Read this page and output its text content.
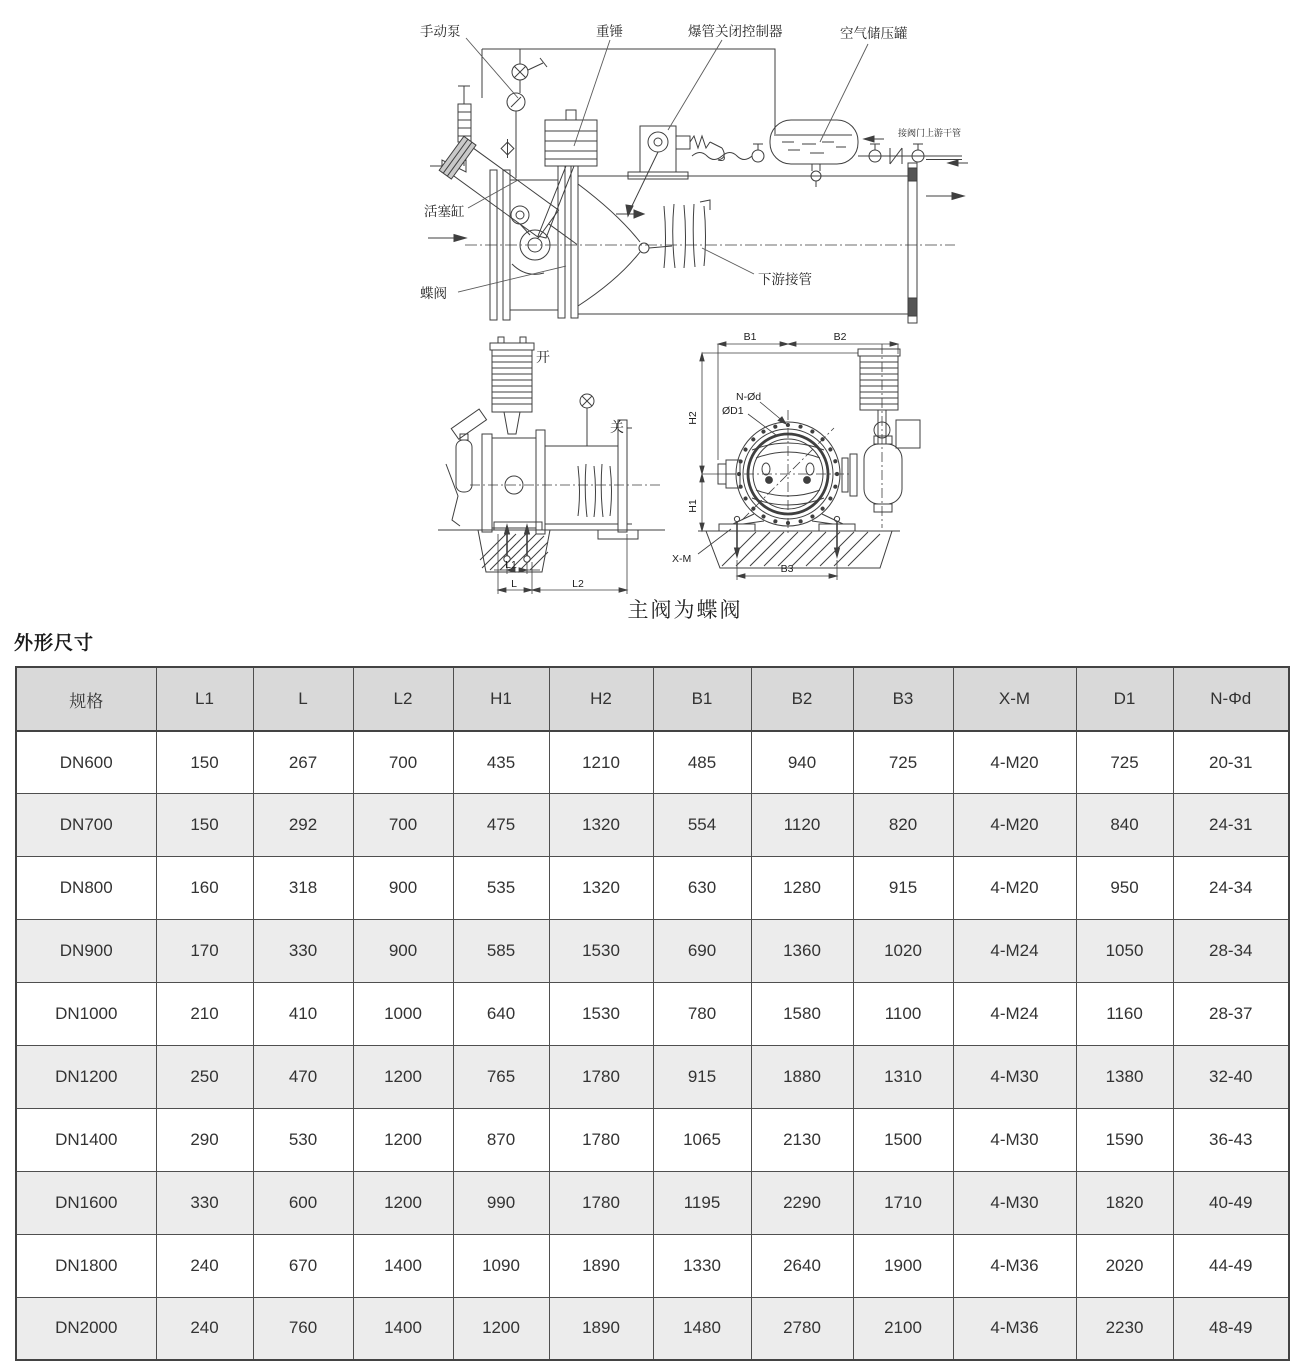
手动泵	重锤	爆管关闭控制器	空气储压罐
接阀门上游干管
活塞缸
蝶阀
下游接管
L1
L	L2
开
关
B1	B2
B3
H2
H1
N-Ød
ØD1
X-M
主阀为蝶阀
外形尺寸
规格	L1	L	L2	H1	H2	B1	B2	B3	X-M	D1	N-Φd
DN600	150	267	700	435	1210	485	940	725	4-M20	725	20-31
DN700	150	292	700	475	1320	554	1120	820	4-M20	840	24-31
DN800	160	318	900	535	1320	630	1280	915	4-M20	950	24-34
DN900	170	330	900	585	1530	690	1360	1020	4-M24	1050	28-34
DN1000	210	410	1000	640	1530	780	1580	1100	4-M24	1160	28-37
DN1200	250	470	1200	765	1780	915	1880	1310	4-M30	1380	32-40
DN1400	290	530	1200	870	1780	1065	2130	1500	4-M30	1590	36-43
DN1600	330	600	1200	990	1780	1195	2290	1710	4-M30	1820	40-49
DN1800	240	670	1400	1090	1890	1330	2640	1900	4-M36	2020	44-49
DN2000	240	760	1400	1200	1890	1480	2780	2100	4-M36	2230	48-49
